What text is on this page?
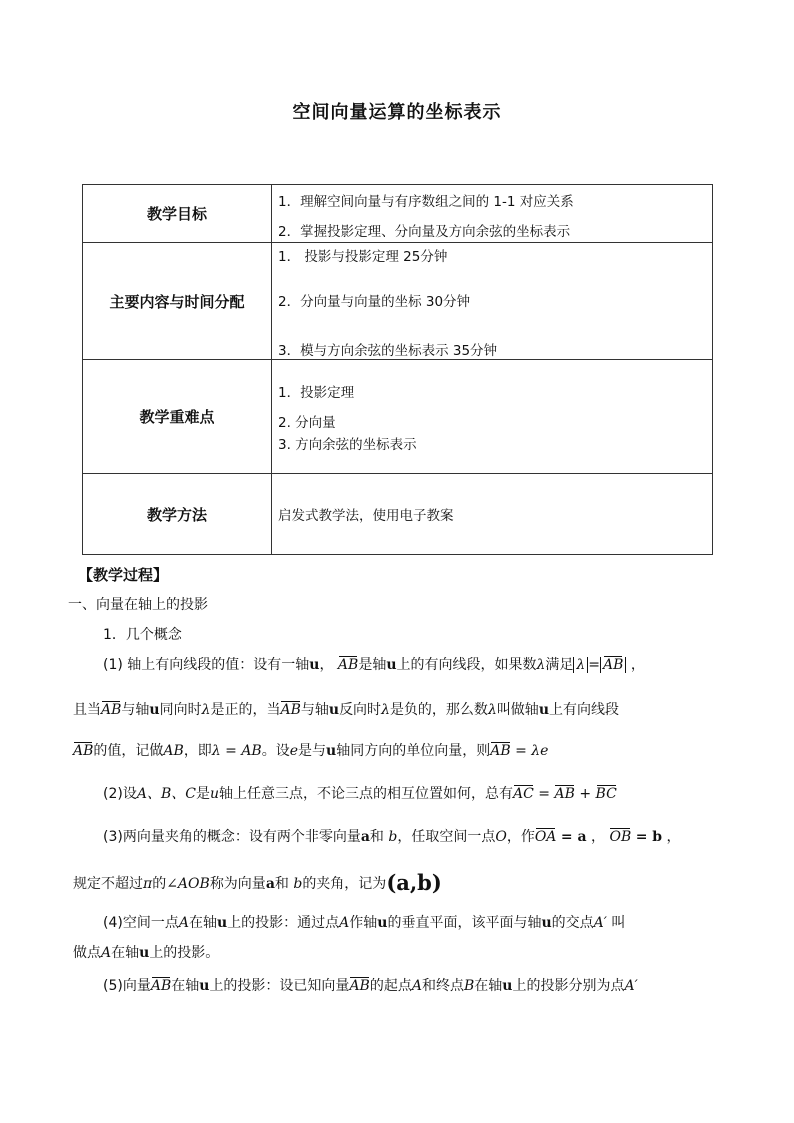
空间向量运算的坐标表示
教学目标	1．理解空间向量与有序数组之间的 1-1 对应关系
2．掌握投影定理、分向量及方向余弦的坐标表示

主要内容与时间分配	1． 投影与投影定理 25分钟
2．分向量与向量的坐标 30分钟
3．模与方向余弦的坐标表示 35分钟

教学重难点	1．投影定理
2. 分向量
3. 方向余弦的坐标表示

教学方法	启发式教学法，使用电子教案
【教学过程】
一、向量在轴上的投影
1．几个概念
(1) 轴上有向线段的值：设有一轴u， AB是轴u上的有向线段，如果数λ满足 λ = AB ，
且当AB与轴u同向时λ是正的，当AB与轴u反向时λ是负的，那么数λ叫做轴u上有向线段
AB的值，记做AB，即λ = AB。设e是与u轴同方向的单位向量，则AB = λe
(2)设A、B、C是u轴上任意三点，不论三点的相互位置如何，总有AC = AB + BC
(3)两向量夹角的概念：设有两个非零向量a和 b，任取空间一点O，作OA = a ， OB = b ，
规定不超过π的∠AOB称为向量a和 b的夹角，记为(a,b)
(4)空间一点A在轴u上的投影：通过点A作轴u的垂直平面，该平面与轴u的交点A′ 叫
做点A在轴u上的投影。
(5)向量AB在轴u上的投影：设已知向量AB的起点A和终点B在轴u上的投影分别为点A′
